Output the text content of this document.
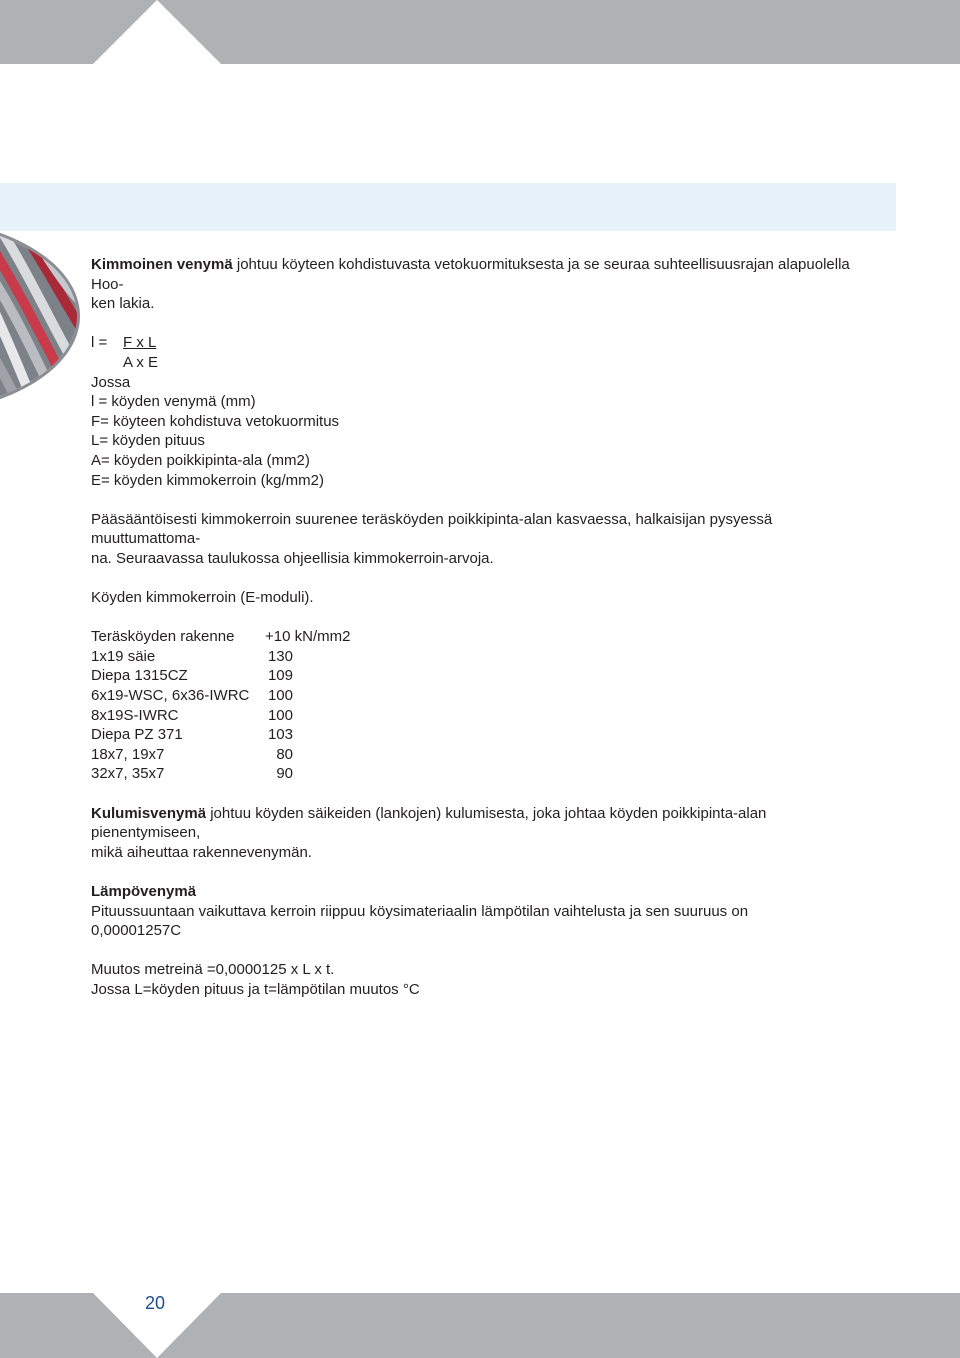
Kimmoinen venymä johtuu köyteen kohdistuvasta vetokuormituksesta ja se seuraa suhteellisuusrajan alapuolella Hoo-

ken lakia.

l = F x L
A x E

Jossa

l = köyden venymä (mm)

F= köyteen kohdistuva vetokuormitus

L= köyden pituus

A= köyden poikkipinta-ala (mm2)

E= köyden kimmokerroin (kg/mm2)

Pääsääntöisesti kimmokerroin suurenee teräsköyden poikkipinta-alan kasvaessa, halkaisijan pysyessä muuttumattoma-

na. Seuraavassa taulukossa ohjeellisia kimmokerroin-arvoja.

Köyden kimmokerroin (E-moduli).

Teräsköyden rakenne	+10 kN/mm2
1x19 säie	130
Diepa 1315CZ	109
6x19-WSC, 6x36-IWRC	100
8x19S-IWRC	100
Diepa PZ 371	103
18x7, 19x7	80
32x7, 35x7	90

Kulumisvenymä johtuu köyden säikeiden (lankojen) kulumisesta, joka johtaa köyden poikkipinta-alan pienentymiseen,

mikä aiheuttaa rakennevenymän.

Lämpövenymä

Pituussuuntaan vaikuttava kerroin riippuu köysimateriaalin lämpötilan vaihtelusta ja sen suuruus on

0,00001257C

Muutos metreinä =0,0000125 x L x t.

Jossa L=köyden pituus ja t=lämpötilan muutos °C

20
